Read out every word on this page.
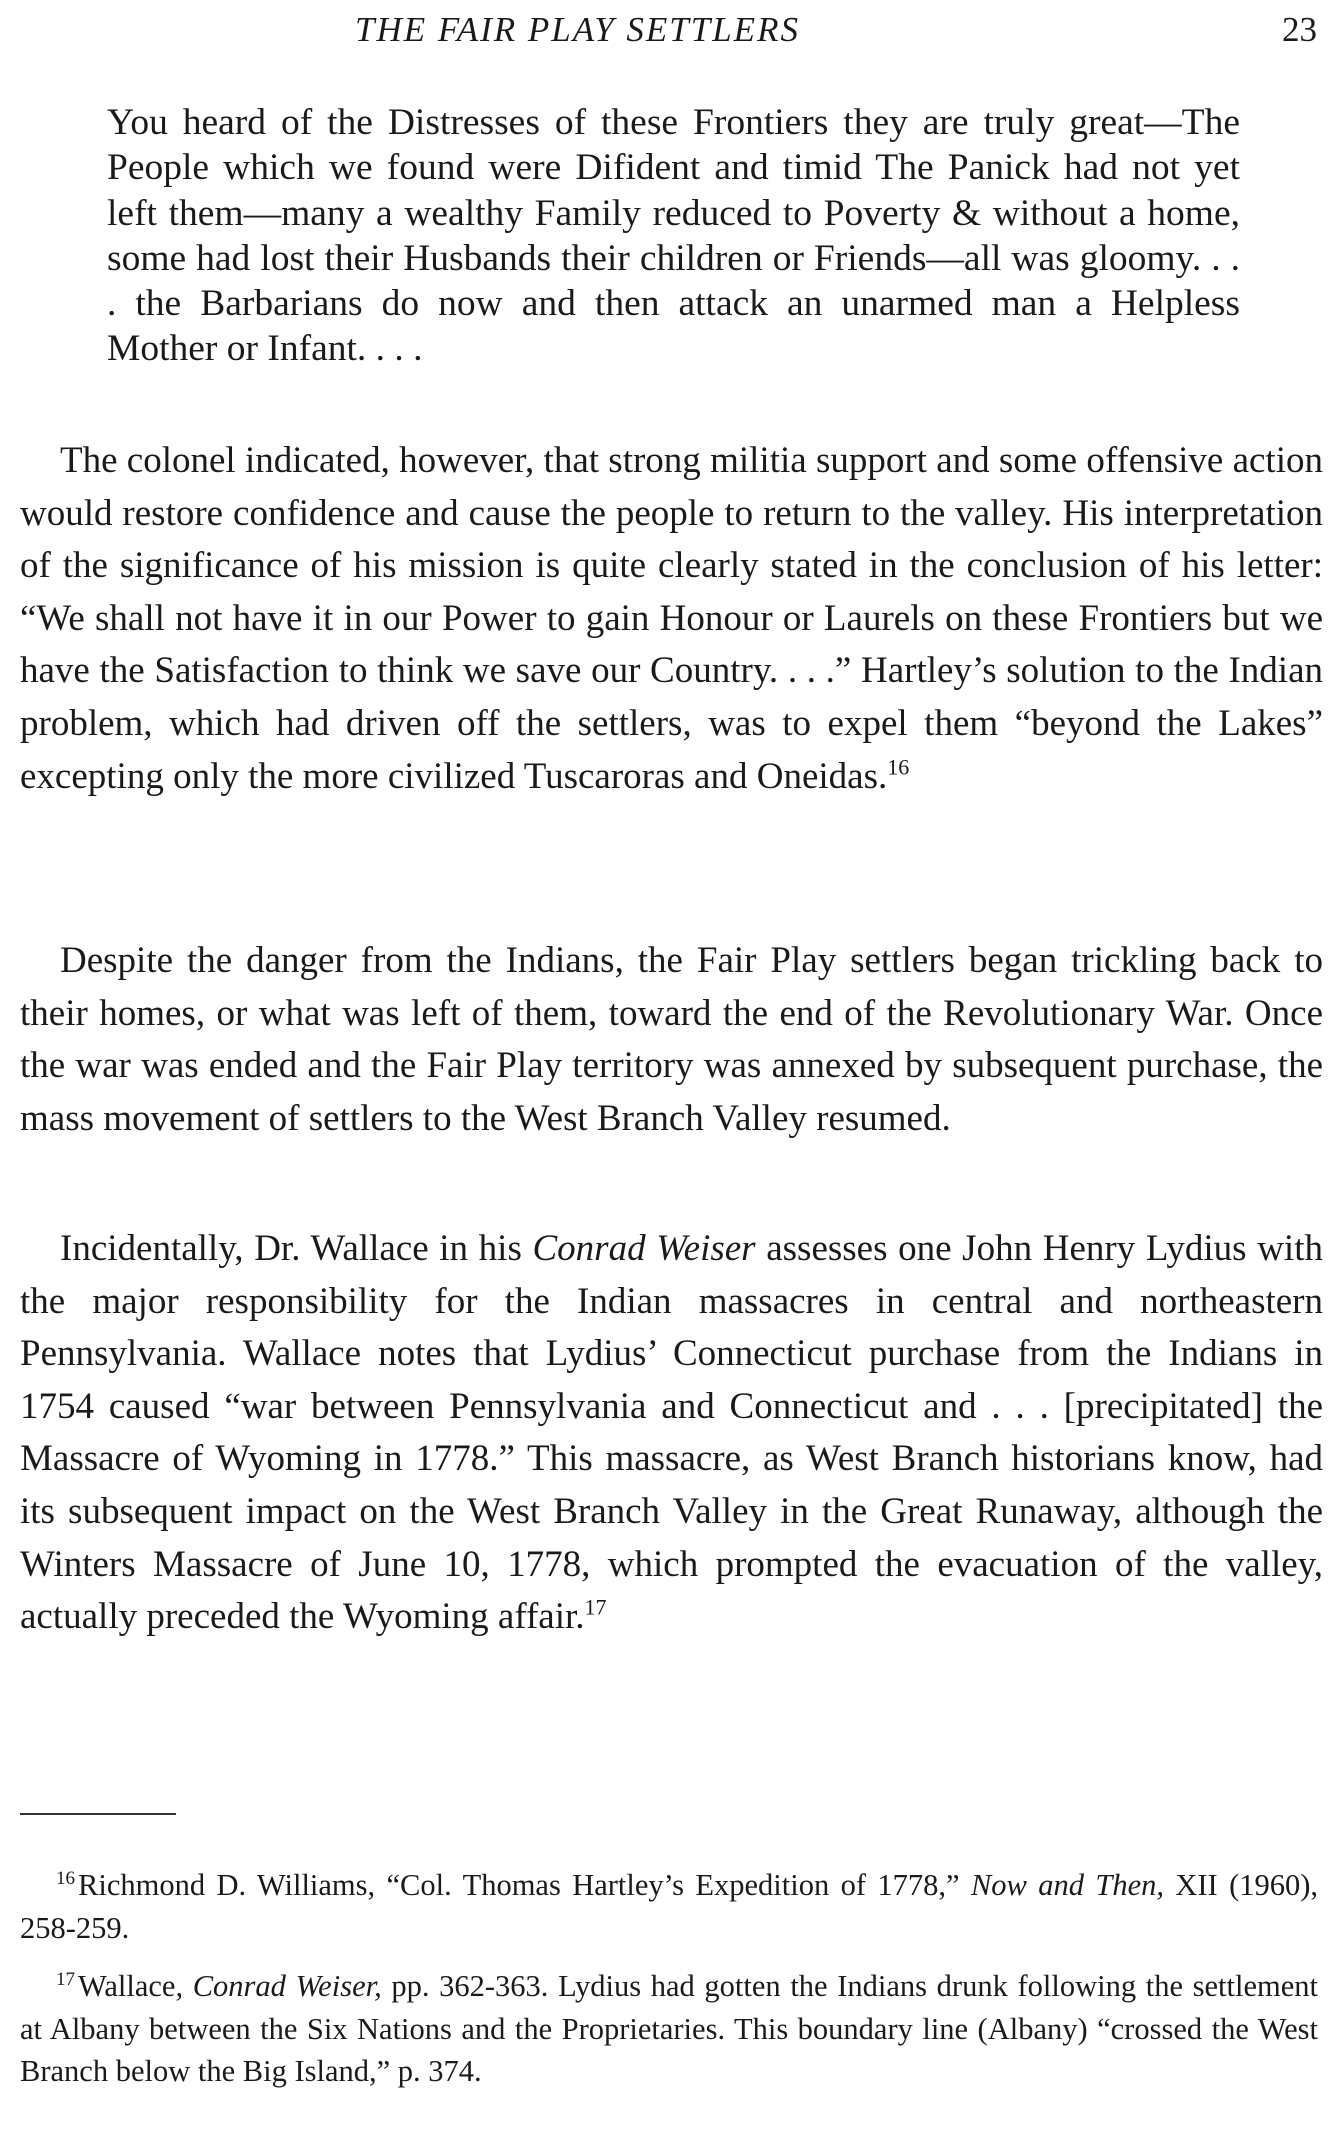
THE FAIR PLAY SETTLERS	23

You heard of the Distresses of these Frontiers they are truly great—The People which we found were Difident and timid The Panick had not yet left them—many a wealthy Family reduced to Poverty & without a home, some had lost their Husbands their children or Friends—all was gloomy. . . . the Barbarians do now and then attack an unarmed man a Helpless Mother or Infant. . . .

The colonel indicated, however, that strong militia support and some offensive action would restore confidence and cause the people to return to the valley. His interpretation of the significance of his mission is quite clearly stated in the conclusion of his letter: “We shall not have it in our Power to gain Honour or Laurels on these Frontiers but we have the Satisfaction to think we save our Country. . . .” Hartley’s solution to the Indian problem, which had driven off the settlers, was to expel them “beyond the Lakes” excepting only the more civilized Tuscaroras and Oneidas.$^{16}$

Despite the danger from the Indians, the Fair Play settlers began trickling back to their homes, or what was left of them, toward the end of the Revolutionary War. Once the war was ended and the Fair Play territory was annexed by subsequent purchase, the mass movement of settlers to the West Branch Valley resumed.

Incidentally, Dr. Wallace in his Conrad Weiser assesses one John Henry Lydius with the major responsibility for the Indian massacres in central and northeastern Pennsylvania. Wallace notes that Lydius’ Connecticut purchase from the Indians in 1754 caused “war between Pennsylvania and Connecticut and . . . [precipitated] the Massacre of Wyoming in 1778.” This massacre, as West Branch historians know, had its subsequent impact on the West Branch Valley in the Great Runaway, although the Winters Massacre of June 10, 1778, which prompted the evacuation of the valley, actually preceded the Wyoming affair.$^{17}$

$^{16}$Richmond D. Williams, “Col. Thomas Hartley’s Expedition of 1778,” Now and Then, XII (1960), 258-259.

$^{17}$Wallace, Conrad Weiser, pp. 362-363. Lydius had gotten the Indians drunk following the settlement at Albany between the Six Nations and the Proprietaries. This boundary line (Albany) “crossed the West Branch below the Big Island,” p. 374.
